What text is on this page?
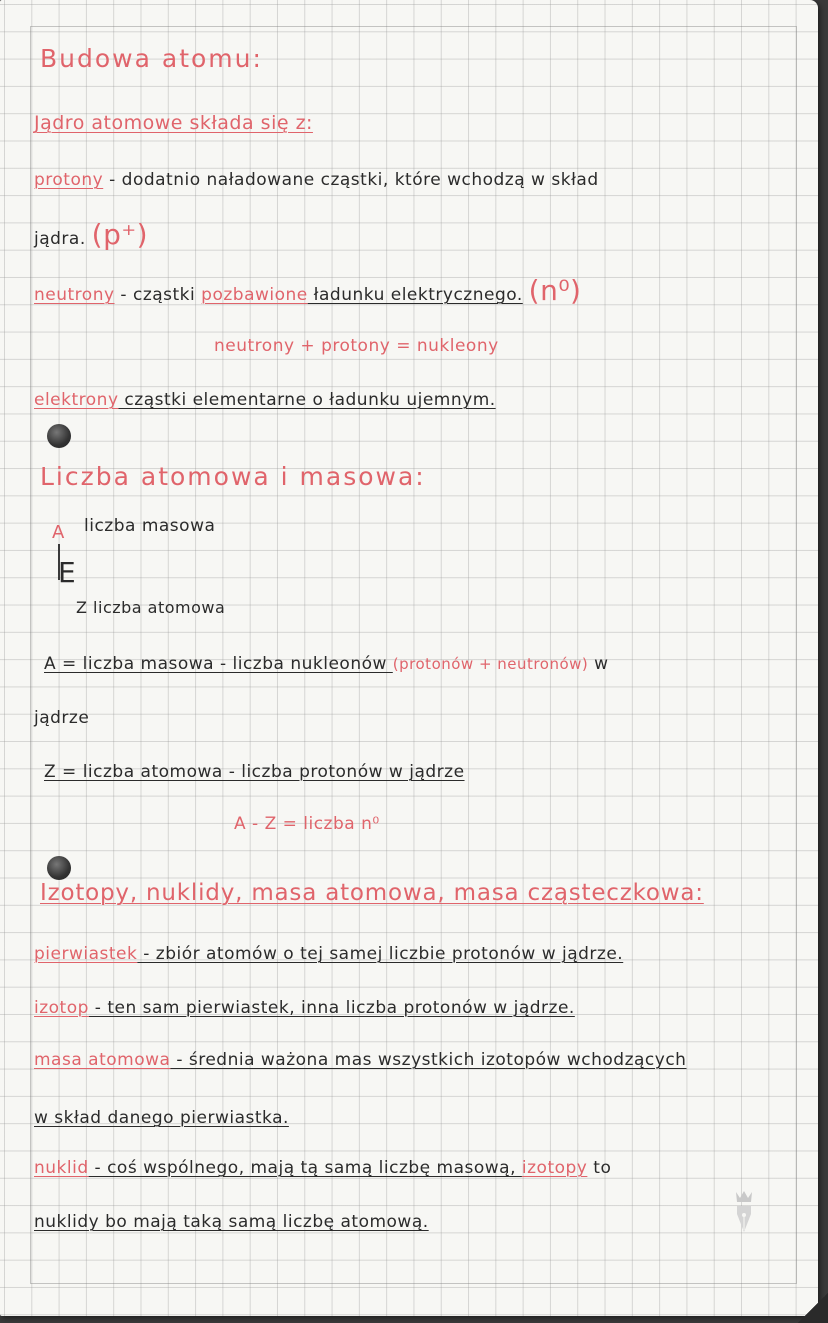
Budowa atomu:
Jądro atomowe składa się z:
protony - dodatnio naładowane cząstki, które wchodzą w skład
jądra. (p⁺)
neutrony - cząstki pozbawione ładunku elektrycznego. (n⁰)
neutrony + protony = nukleony
elektrony cząstki elementarne o ładunku ujemnym.
Liczba atomowa i masowa:
A liczba masowa
E
Z liczba atomowa
A = liczba masowa - liczba nukleonów (protonów + neutronów) w
jądrze
Z = liczba atomowa - liczba protonów w jądrze
A - Z = liczba n⁰
Izotopy, nuklidy, masa atomowa, masa cząsteczkowa:
pierwiastek - zbiór atomów o tej samej liczbie protonów w jądrze.
izotop - ten sam pierwiastek, inna liczba protonów w jądrze.
masa atomowa - średnia ważona mas wszystkich izotopów wchodzących
w skład danego pierwiastka.
nuklid - coś wspólnego, mają tą samą liczbę masową, izotopy to
nuklidy bo mają taką samą liczbę atomową.
